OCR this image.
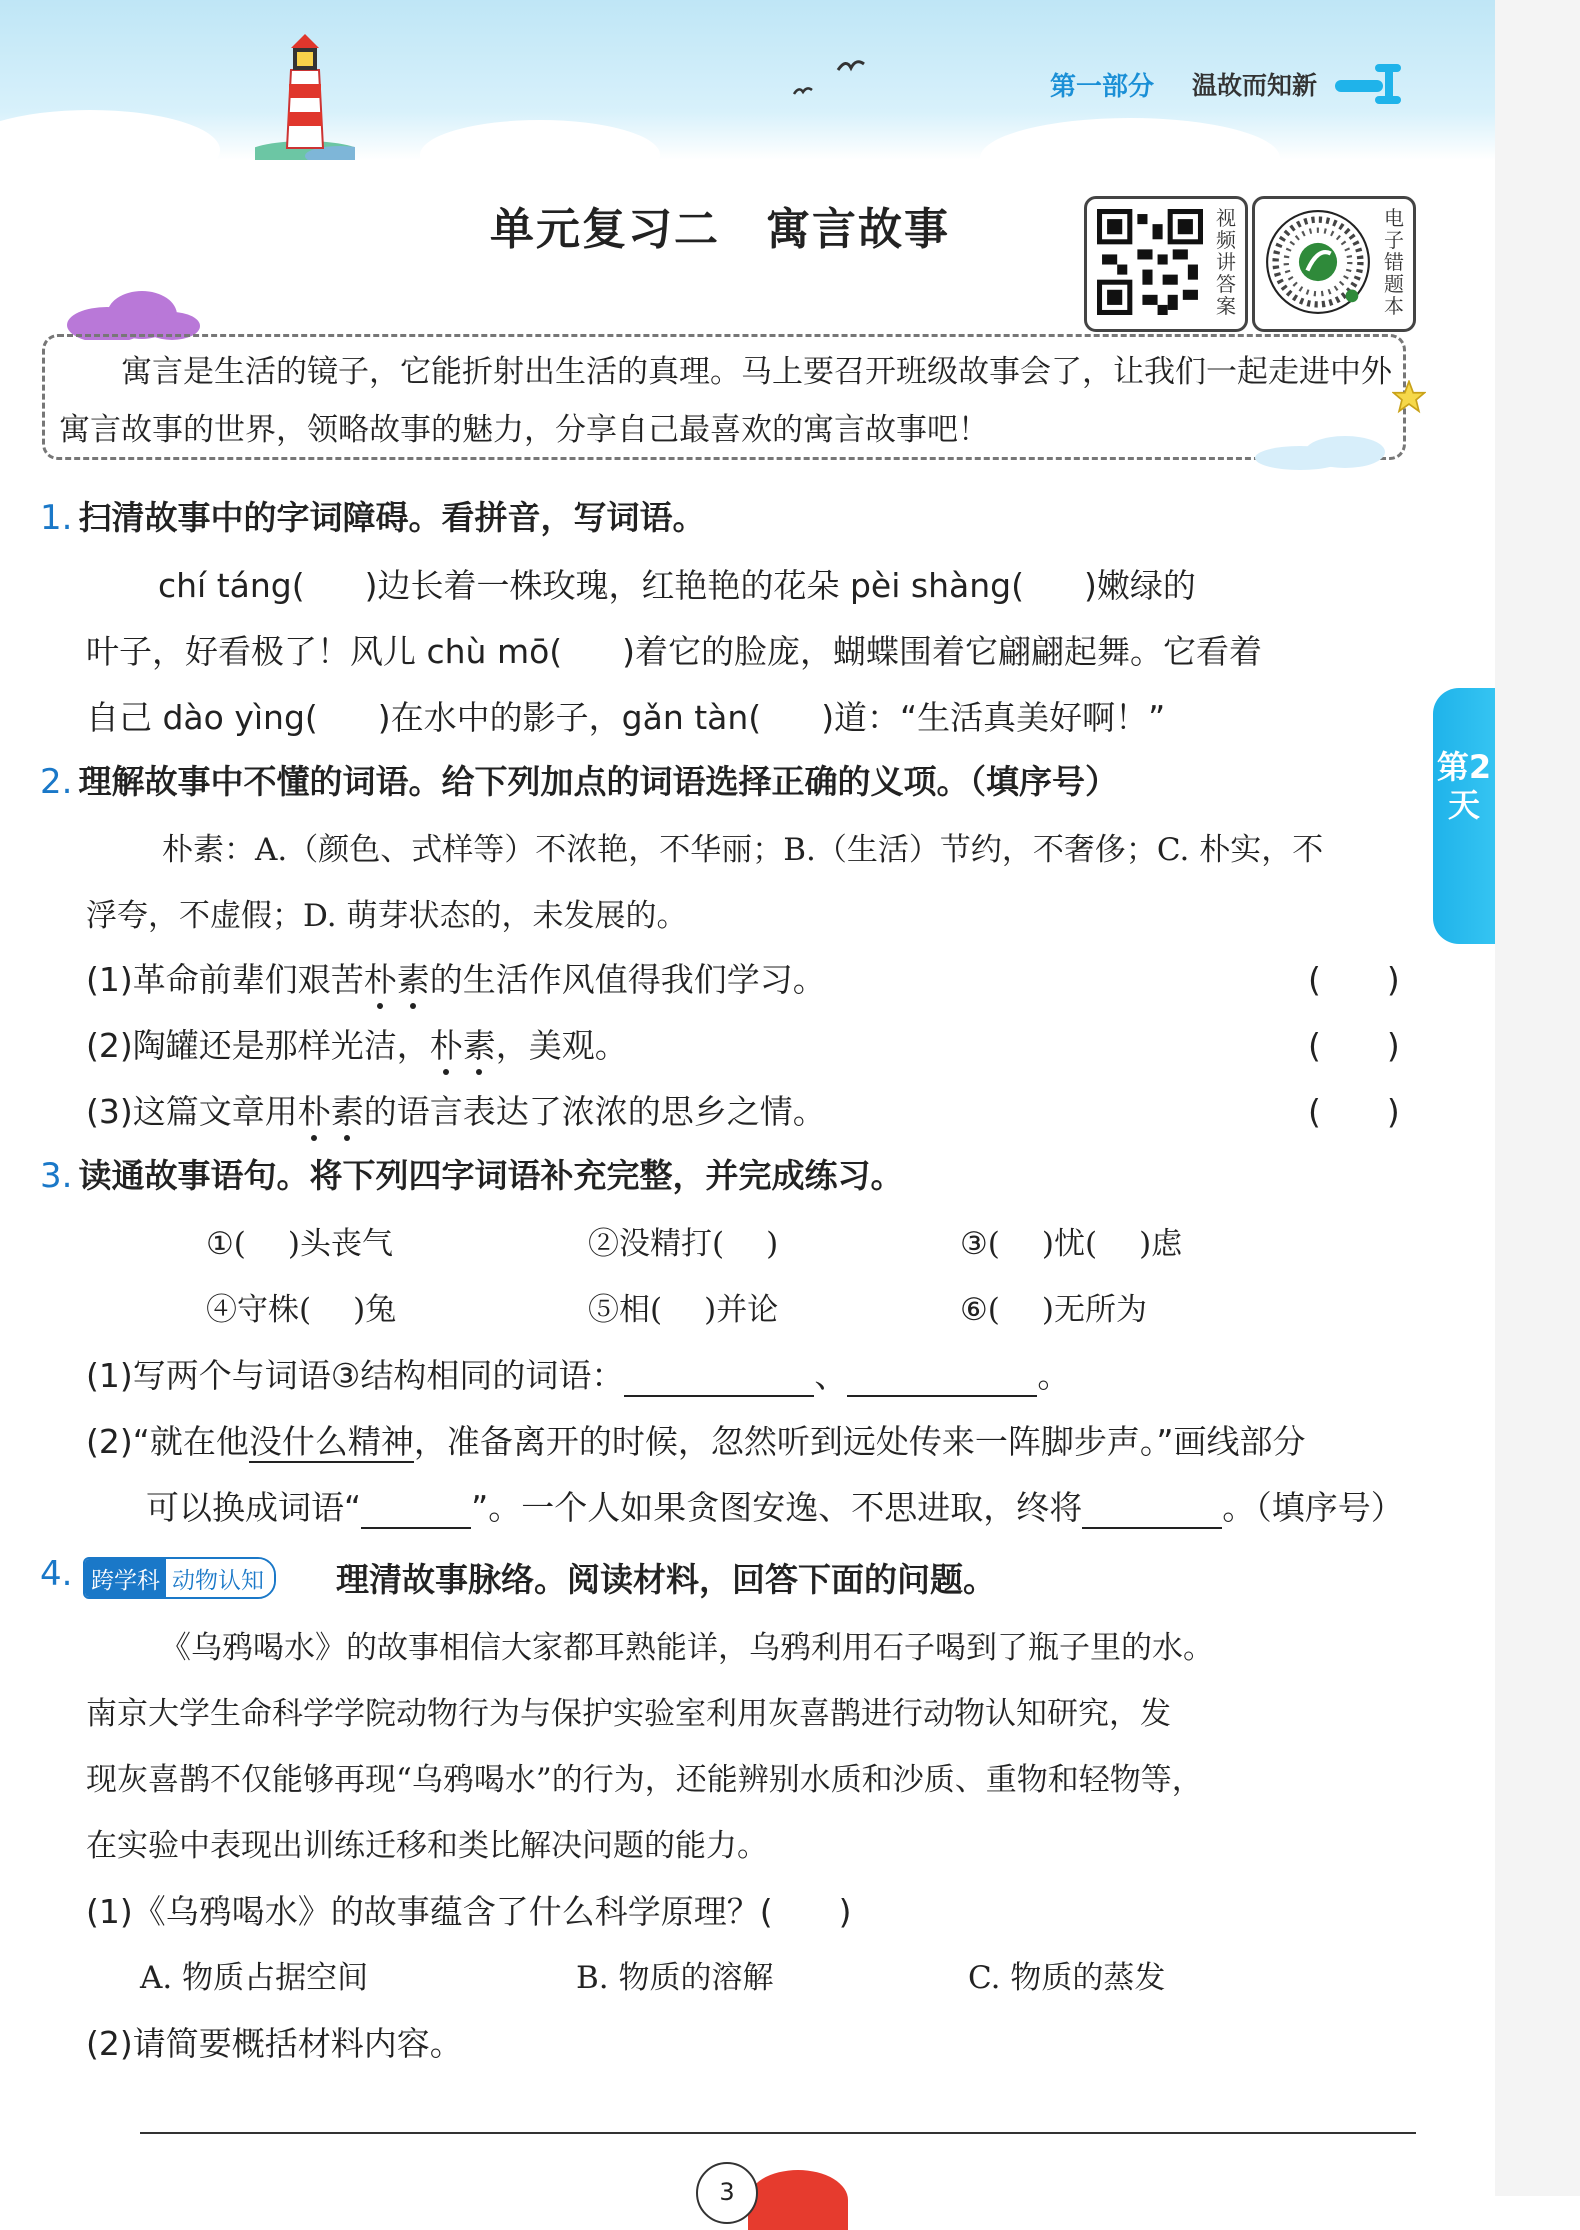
第一部分 温故而知新
单元复习二　寓言故事	视频讲答案
电子错题本
寓言是生活的镜子，它能折射出生活的真理。马上要召开班级故事会了，让我们一起走进中外寓言故事的世界，领略故事的魅力，分享自己最喜欢的寓言故事吧！
1. 扫清故事中的字词障碍。看拼音，写词语。
chí táng( )边长着一株玫瑰，红艳艳的花朵 pèi shàng( )嫩绿的
叶子，好看极了！风儿 chù mō( )着它的脸庞，蝴蝶围着它翩翩起舞。它看着
自己 dào yìng( )在水中的影子，gǎn tàn( )道：“生活真美好啊！”
2. 理解故事中不懂的词语。给下列加点的词语选择正确的义项。（填序号）
朴素：A.（颜色、式样等）不浓艳，不华丽；B.（生活）节约，不奢侈；C. 朴实，不
浮夸，不虚假；D. 萌芽状态的，未发展的。
(1)革命前辈们艰苦朴素的生活作风值得我们学习。	(　　)
(2)陶罐还是那样光洁，朴素，美观。	(　　)
(3)这篇文章用朴素的语言表达了浓浓的思乡之情。	(　　)
3. 读通故事语句。将下列四字词语补充完整，并完成练习。
①( )头丧气	②没精打( )	③( )忧( )虑
④守株( )兔	⑤相( )并论	⑥( )无所为
(1)写两个与词语③结构相同的词语：	、	。
(2)“就在他没什么精神，准备离开的时候，忽然听到远处传来一阵脚步声。”画线部分
可以换成词语“	”。一个人如果贪图安逸、不思进取，终将	。（填序号）
4. 跨学科 动物认知	理清故事脉络。阅读材料，回答下面的问题。
《乌鸦喝水》的故事相信大家都耳熟能详，乌鸦利用石子喝到了瓶子里的水。
南京大学生命科学学院动物行为与保护实验室利用灰喜鹊进行动物认知研究，发
现灰喜鹊不仅能够再现“乌鸦喝水”的行为，还能辨别水质和沙质、重物和轻物等，
在实验中表现出训练迁移和类比解决问题的能力。
(1)《乌鸦喝水》的故事蕴含了什么科学原理？(　　)
A. 物质占据空间	B. 物质的溶解	C. 物质的蒸发
(2)请简要概括材料内容。
第2天
3
